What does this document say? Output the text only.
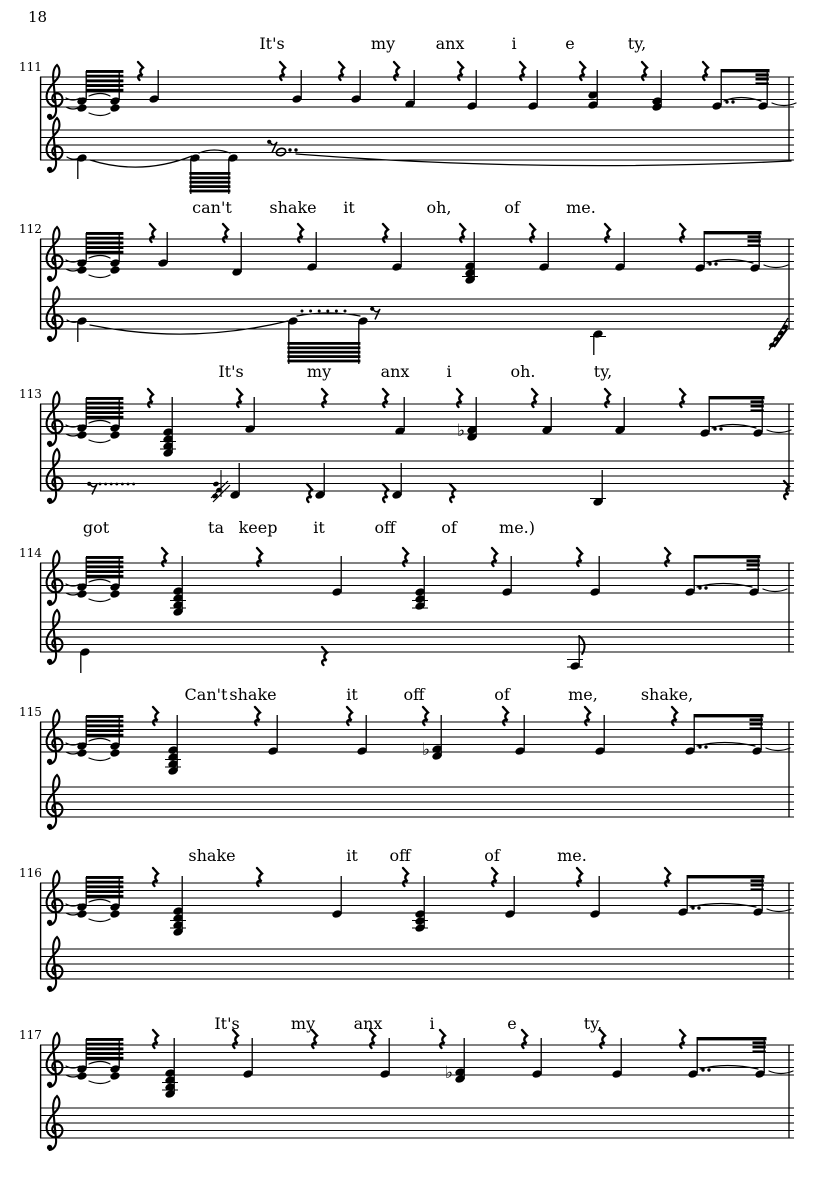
18
111
It's	my	anx	i	e	ty,
112
can't shake it	oh,	of	me.
113
♭
It's	my	anx i	oh.	ty,
got	ta keep it	off	of	me.)
114
115
♭
Can't shake	it	off	of	me,	shake,
116
shake	it off	of	me.
117
♭
It's	my anx	i	e	ty,
